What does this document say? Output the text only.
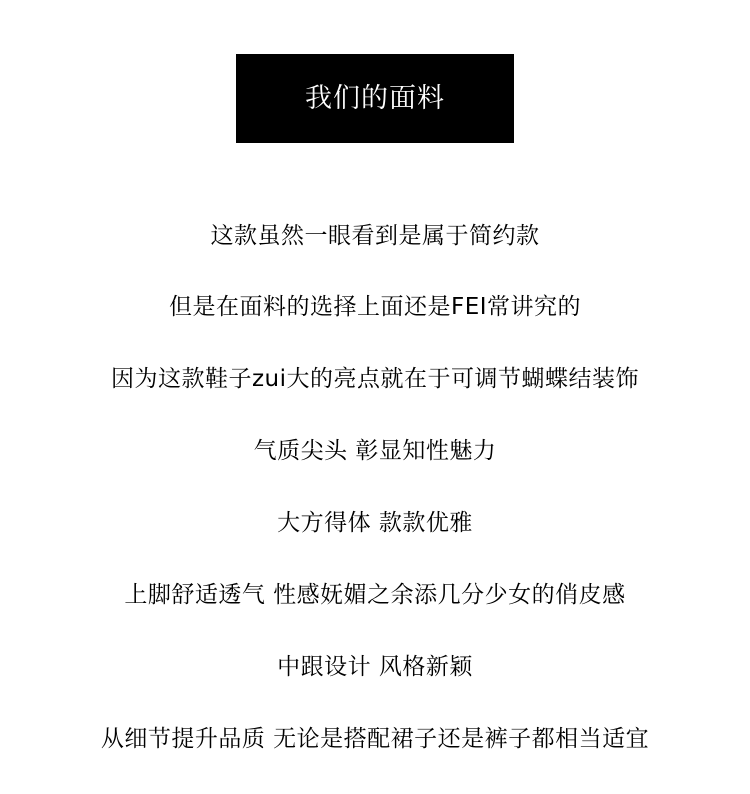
我们的面料
这款虽然一眼看到是属于简约款
但是在面料的选择上面还是FEI常讲究的
因为这款鞋子zui大的亮点就在于可调节蝴蝶结装饰
气质尖头 彰显知性魅力
大方得体 款款优雅
上脚舒适透气 性感妩媚之余添几分少女的俏皮感
中跟设计 风格新颖
从细节提升品质 无论是搭配裙子还是裤子都相当适宜
